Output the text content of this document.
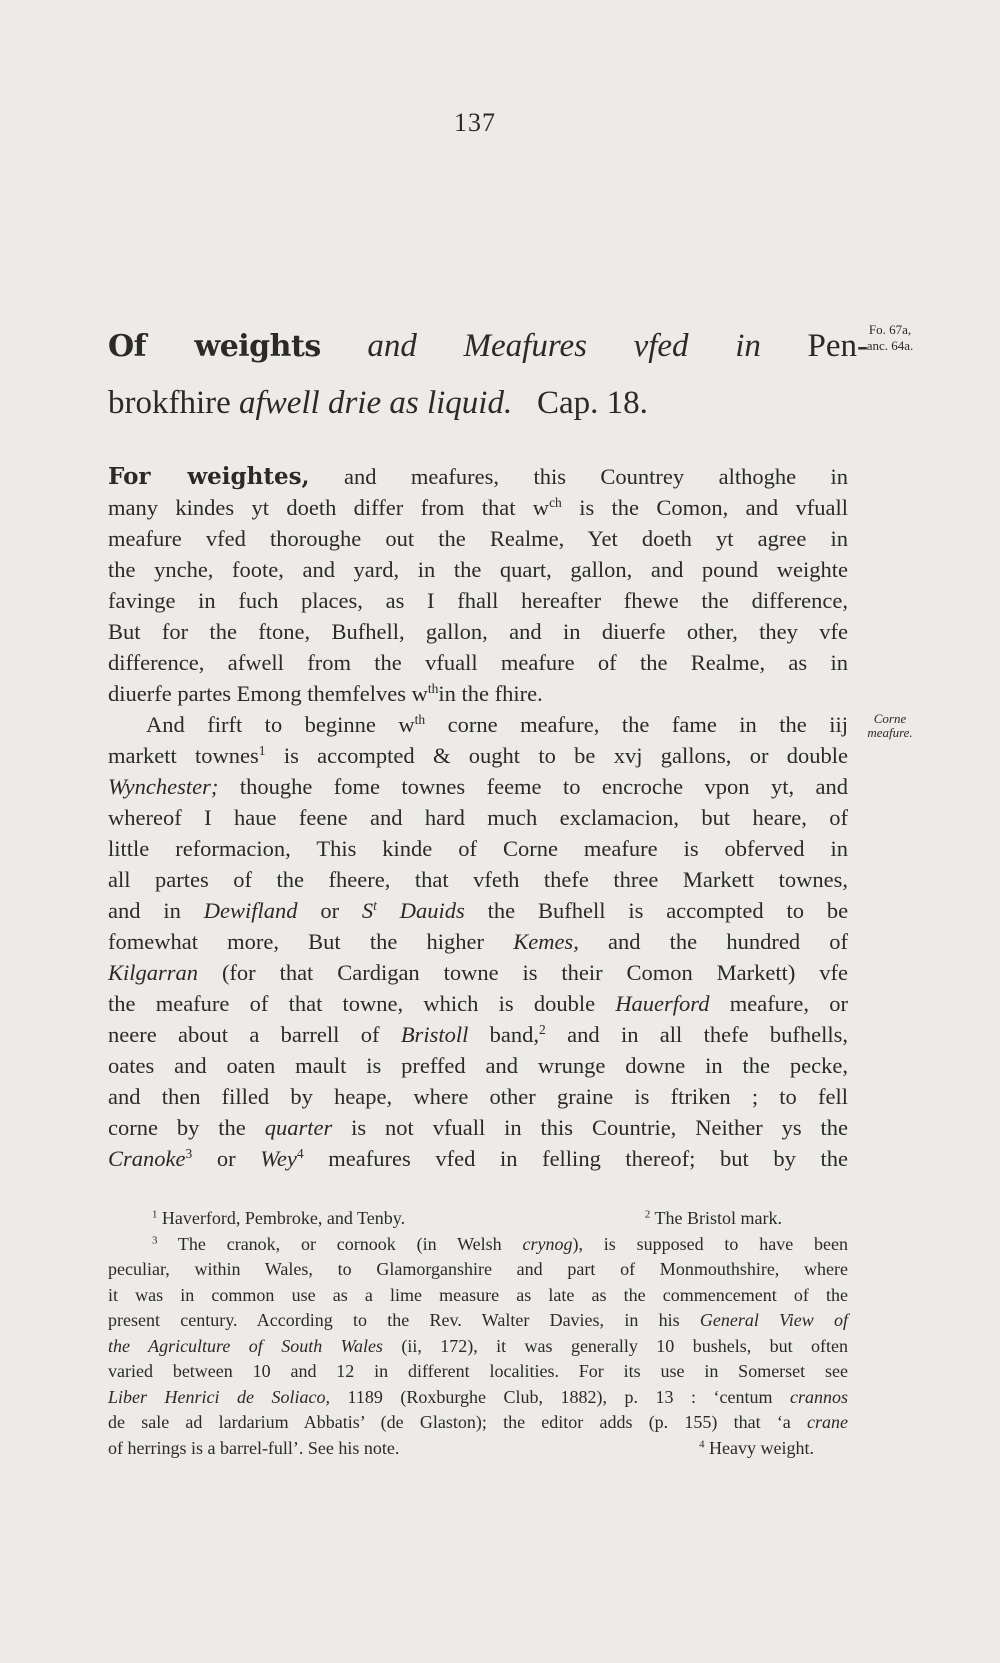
137
Fo. 67a,
anc. 64a.
Corne
meafure.
Of weights and Meafures vfed in Pen-
brokfhire afwell drie as liquid. Cap. 18.
For weightes, and meafures, this Countrey althoghe in
many kindes yt doeth differ from that $w^{ch}$ is the Comon, and vfuall
meafure vfed thoroughe out the Realme, Yet doeth yt agree in
the ynche, foote, and yard, in the quart, gallon, and pound weighte
favinge in fuch places, as I fhall hereafter fhewe the difference,
But for the ftone, Bufhell, gallon, and in diuerfe other, they vfe
difference, afwell from the vfuall meafure of the Realme, as in
diuerfe partes Emong themfelves $w^{th}in$ the fhire.
And firft to beginne $w^{th}$ corne meafure, the fame in the iij
markett townes$^1$ is accompted & ought to be xvj gallons, or double
Wynchester; thoughe fome townes feeme to encroche vpon yt, and
whereof I haue feene and hard much exclamacion, but heare, of
little reformacion, This kinde of Corne meafure is obferved in
all partes of the fheere, that vfeth thefe three Markett townes,
and in Dewifland or $S^t$ Dauids the Bufhell is accompted to be
fomewhat more, But the higher Kemes, and the hundred of
Kilgarran (for that Cardigan towne is their Comon Markett) vfe
the meafure of that towne, which is double Hauerford meafure, or
neere about a barrell of Bristoll band,$^2$ and in all thefe bufhells,
oates and oaten mault is preffed and wrunge downe in the pecke,
and then filled by heape, where other graine is ftriken ; to fell
corne by the quarter is not vfuall in this Countrie, Neither ys the
Cranoke$^3$ or Wey$^4$ meafures vfed in felling thereof; but by the
$^1$ Haverford, Pembroke, and Tenby.	$^2$ The Bristol mark.
$^3$ The cranok, or cornook (in Welsh crynog), is supposed to have been
peculiar, within Wales, to Glamorganshire and part of Monmouthshire, where
it was in common use as a lime measure as late as the commencement of the
present century. According to the Rev. Walter Davies, in his General View of
the Agriculture of South Wales (ii, 172), it was generally 10 bushels, but often
varied between 10 and 12 in different localities. For its use in Somerset see
Liber Henrici de Soliaco, 1189 (Roxburghe Club, 1882), p. 13 : ‘centum crannos
de sale ad lardarium Abbatis’ (de Glaston); the editor adds (p. 155) that ‘a crane
of herrings is a barrel-full’. See his note.	$^4$ Heavy weight.
